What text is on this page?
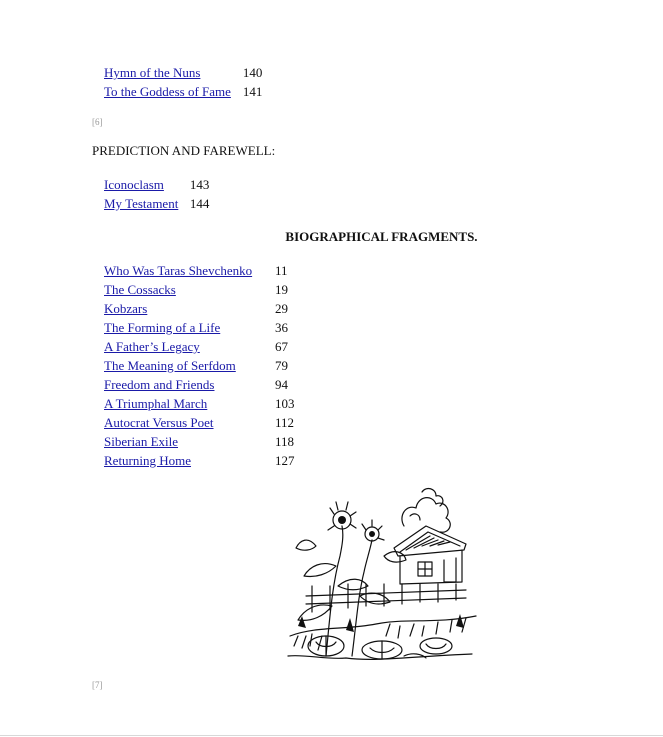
Hymn of the Nuns	140
To the Goddess of Fame	141
[6]
PREDICTION AND FAREWELL:
Iconoclasm	143
My Testament	144
BIOGRAPHICAL FRAGMENTS.
Who Was Taras Shevchenko	11
The Cossacks	19
Kobzars	29
The Forming of a Life	36
A Father’s Legacy	67
The Meaning of Serfdom	79
Freedom and Friends	94
A Triumphal March	103
Autocrat Versus Poet	112
Siberian Exile	118
Returning Home	127
[7]
